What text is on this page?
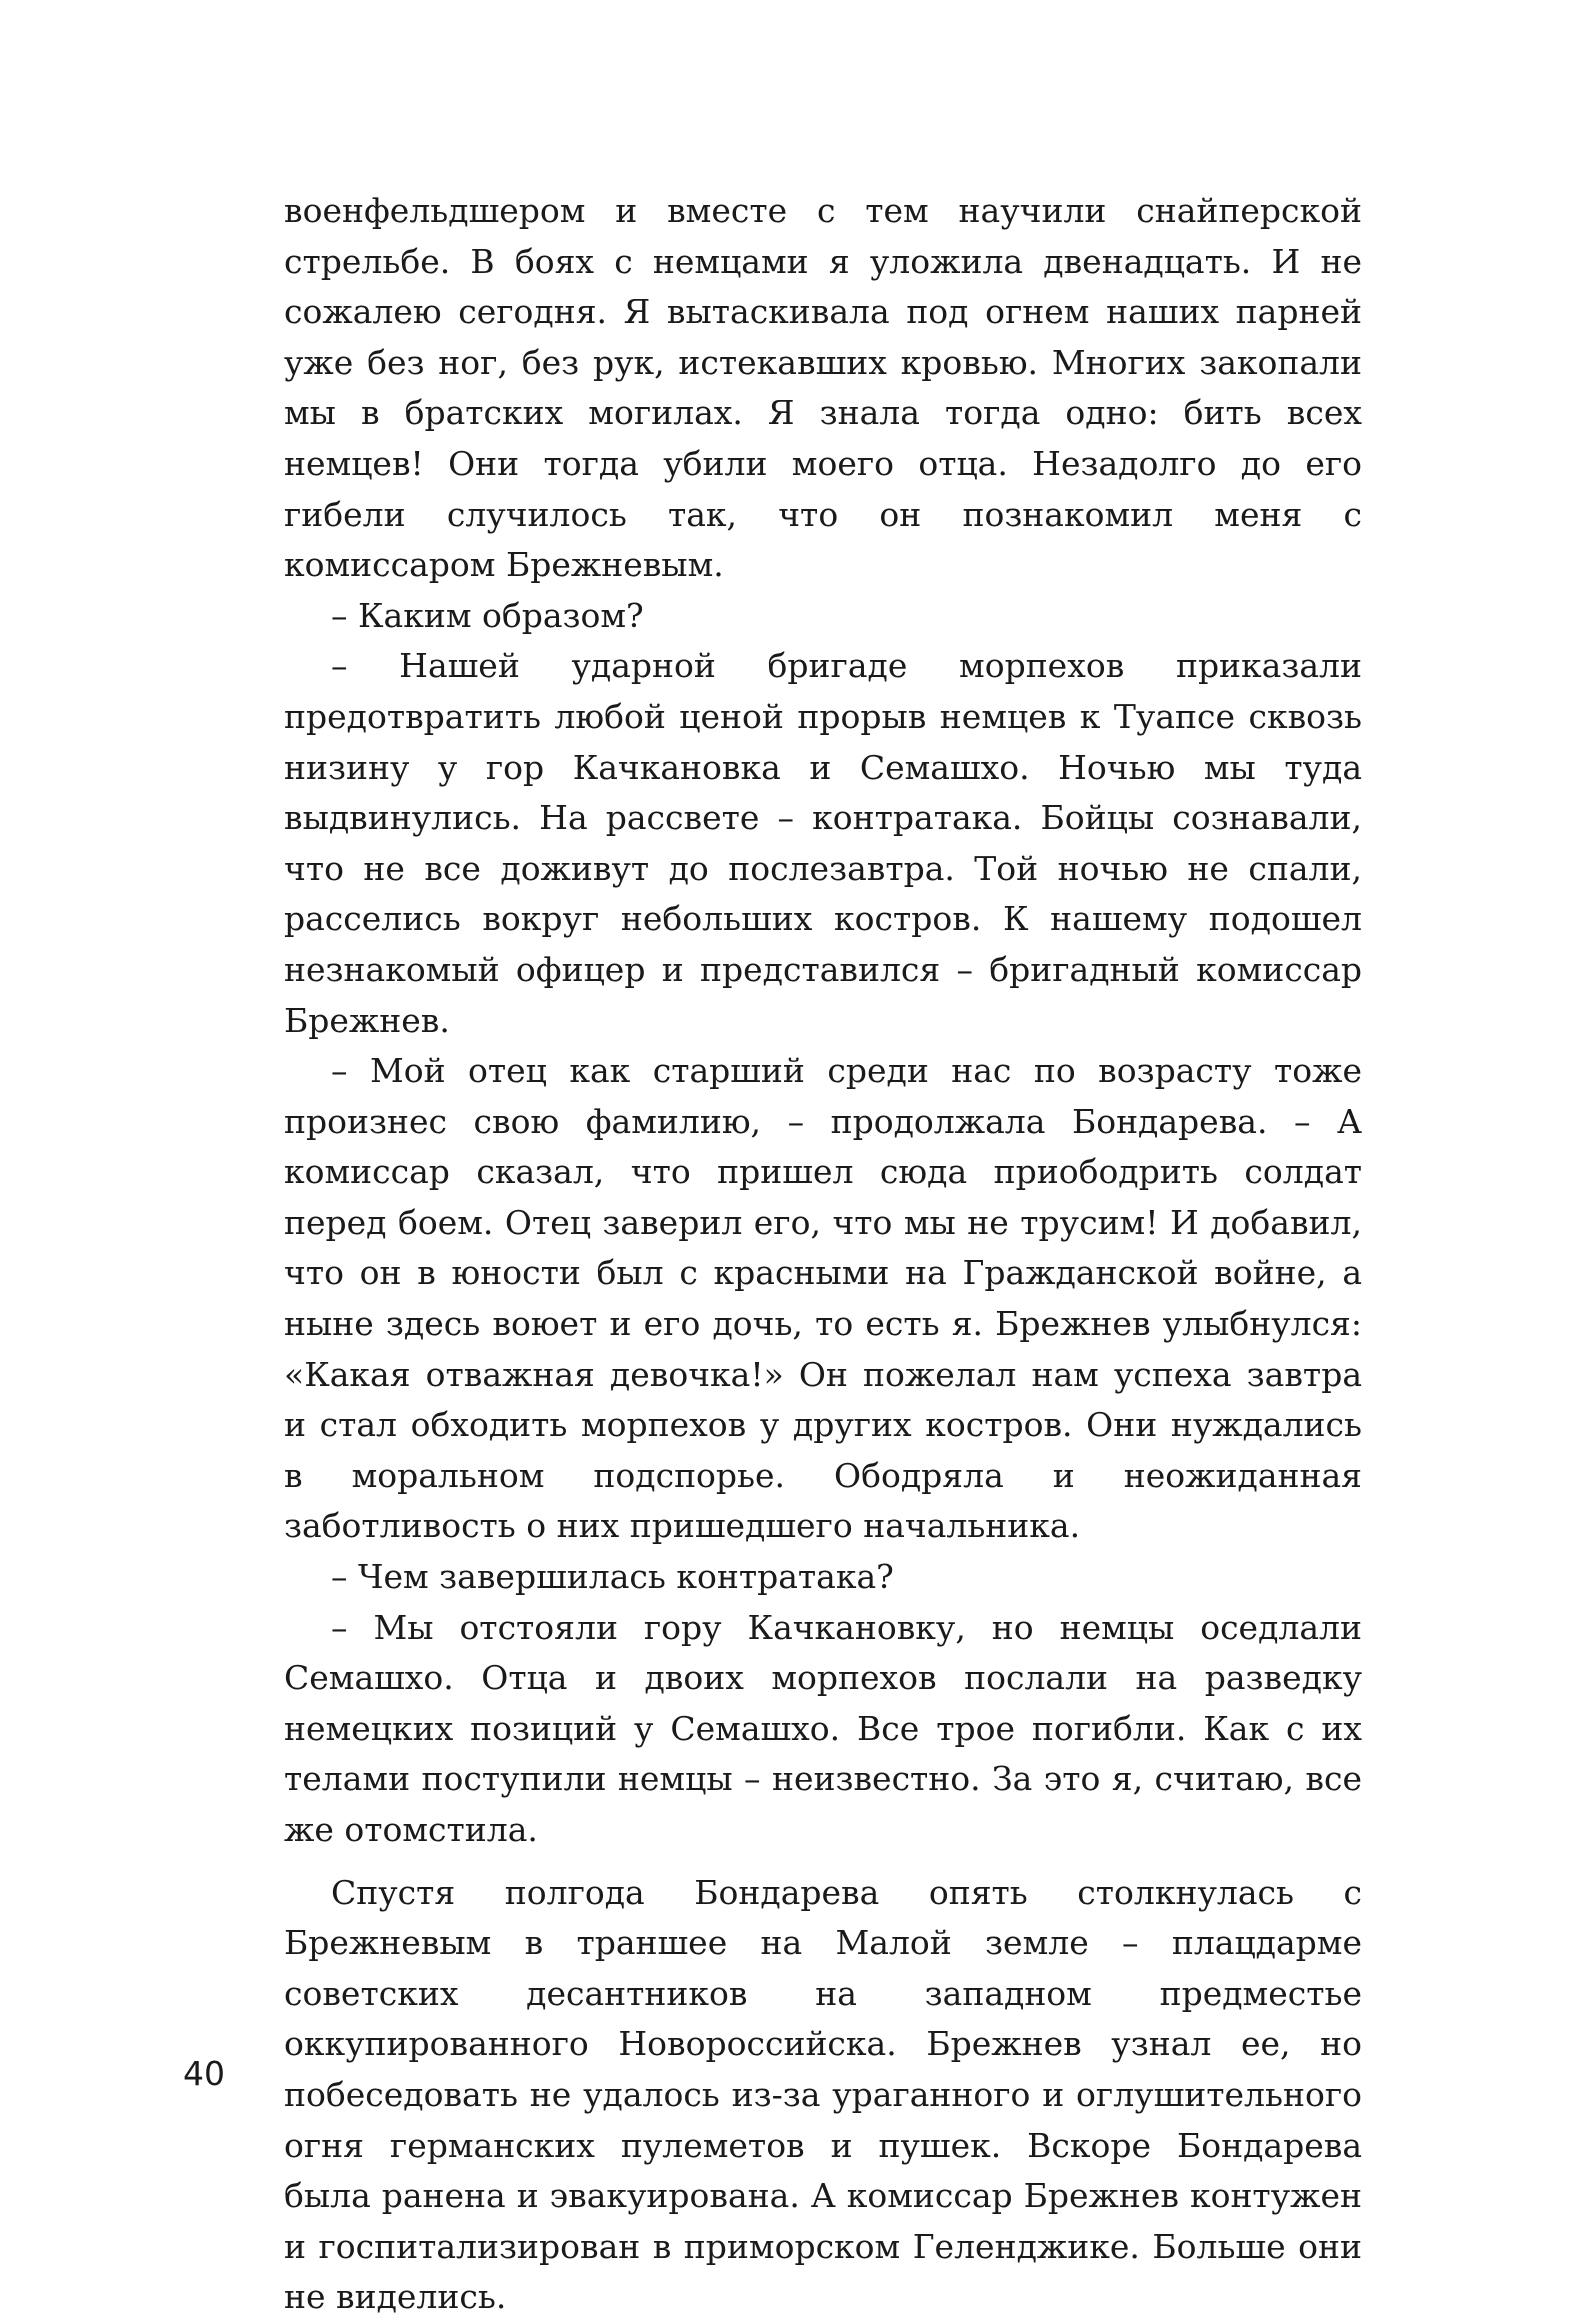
военфельдшером и вместе с тем научили снайперской стрельбе. В боях с немцами я уложила двенадцать. И не сожалею сегодня. Я вытаскивала под огнем наших парней уже без ног, без рук, истекавших кровью. Многих закопали мы в братских могилах. Я знала тогда одно: бить всех немцев! Они тогда убили моего отца. Незадолго до его гибели случилось так, что он познакомил меня с комиссаром Брежневым.

– Каким образом?

– Нашей ударной бригаде морпехов приказали предотвратить любой ценой прорыв немцев к Туапсе сквозь низину у гор Качкановка и Семашхо. Ночью мы туда выдвинулись. На рассвете – контратака. Бойцы сознавали, что не все доживут до послезавтра. Той ночью не спали, расселись вокруг небольших костров. К нашему подошел незнакомый офицер и представился – бригадный комиссар Брежнев.

– Мой отец как старший среди нас по возрасту тоже произнес свою фамилию, – продолжала Бондарева. – А комиссар сказал, что пришел сюда приободрить солдат перед боем. Отец заверил его, что мы не трусим! И добавил, что он в юности был с красными на Гражданской войне, а ныне здесь воюет и его дочь, то есть я. Брежнев улыбнулся: «Какая отважная девочка!» Он пожелал нам успеха завтра и стал обходить морпехов у других костров. Они нуждались в моральном подспорье. Ободряла и неожиданная заботливость о них пришедшего начальника.

– Чем завершилась контратака?

– Мы отстояли гору Качкановку, но немцы оседлали Семашхо. Отца и двоих морпехов послали на разведку немецких позиций у Семашхо. Все трое погибли. Как с их телами поступили немцы – неизвестно. За это я, считаю, все же отомстила.

Спустя полгода Бондарева опять столкнулась с Брежневым в траншее на Малой земле – плацдарме советских десантников на западном предместье оккупированного Новороссийска. Брежнев узнал ее, но побеседовать не удалось из-за ураганного и оглушительного огня германских пулеметов и пушек. Вскоре Бондарева была ранена и эвакуирована. А комиссар Брежнев контужен и госпитализирован в приморском Геленджике. Больше они не виделись.

40
